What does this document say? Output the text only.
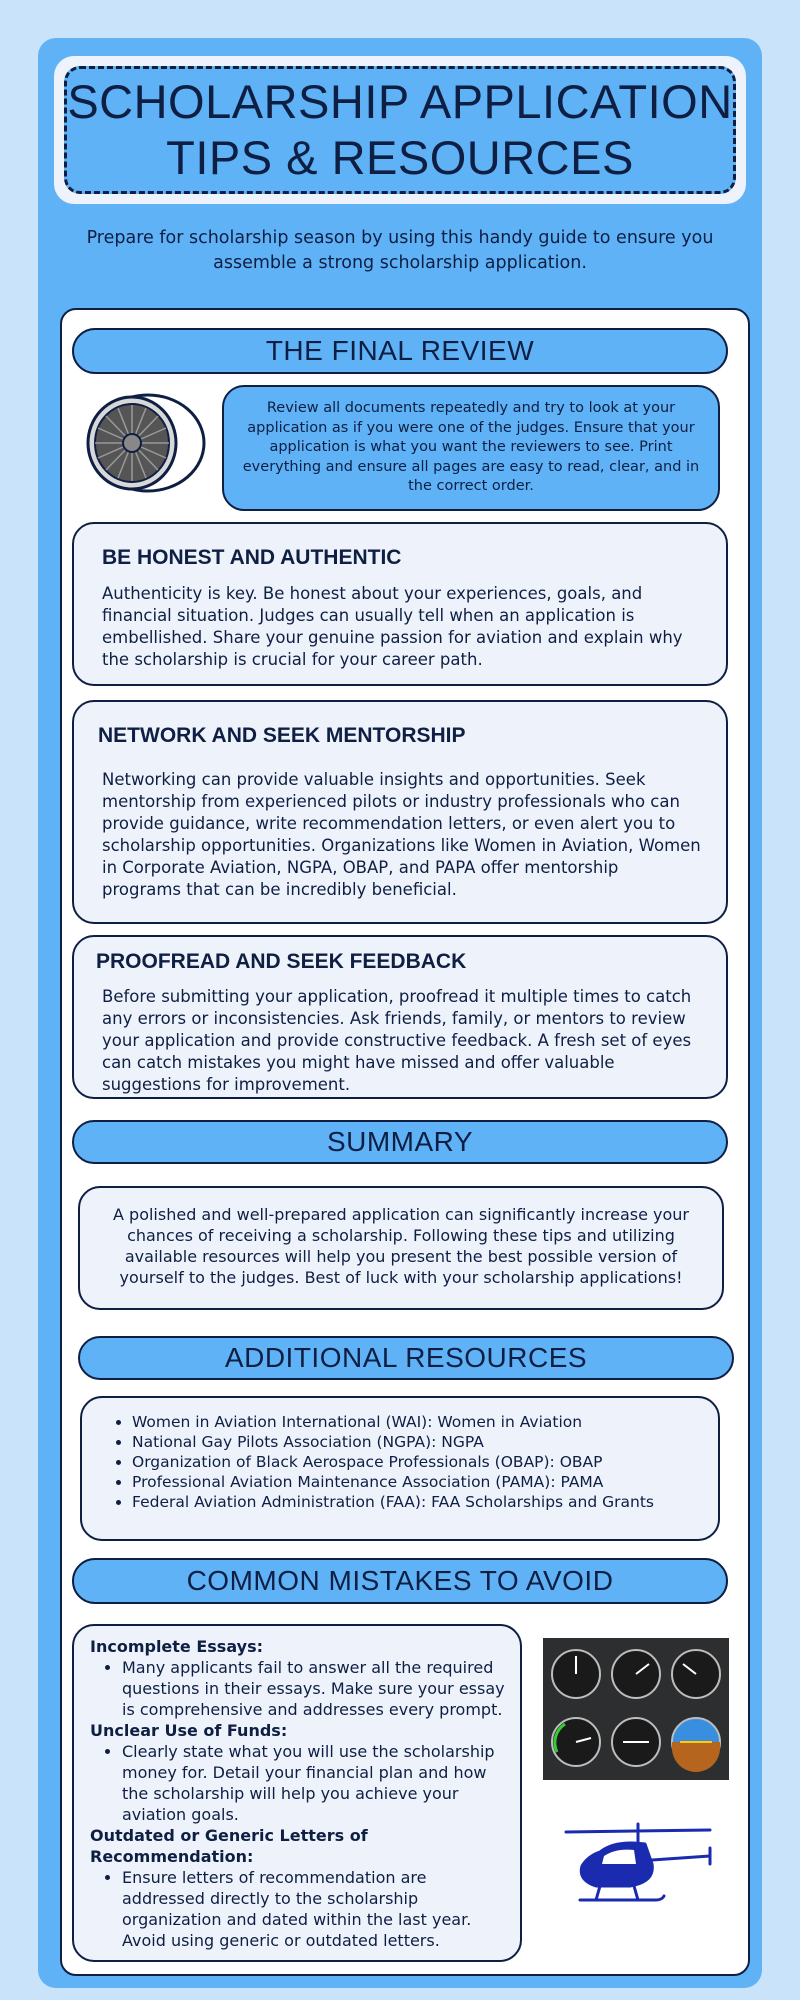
SCHOLARSHIP APPLICATION
TIPS & RESOURCES

Prepare for scholarship season by using this handy guide to ensure you assemble a strong scholarship application.

THE FINAL REVIEW

Review all documents repeatedly and try to look at your application as if you were one of the judges. Ensure that your application is what you want the reviewers to see. Print everything and ensure all pages are easy to read, clear, and in the correct order.

BE HONEST AND AUTHENTIC

Authenticity is key. Be honest about your experiences, goals, and financial situation. Judges can usually tell when an application is embellished. Share your genuine passion for aviation and explain why the scholarship is crucial for your career path.

NETWORK AND SEEK MENTORSHIP

Networking can provide valuable insights and opportunities. Seek mentorship from experienced pilots or industry professionals who can provide guidance, write recommendation letters, or even alert you to scholarship opportunities. Organizations like Women in Aviation, Women in Corporate Aviation, NGPA, OBAP, and PAPA offer mentorship programs that can be incredibly beneficial.

PROOFREAD AND SEEK FEEDBACK

Before submitting your application, proofread it multiple times to catch any errors or inconsistencies. Ask friends, family, or mentors to review your application and provide constructive feedback. A fresh set of eyes can catch mistakes you might have missed and offer valuable suggestions for improvement.

SUMMARY

A polished and well-prepared application can significantly increase your chances of receiving a scholarship. Following these tips and utilizing available resources will help you present the best possible version of yourself to the judges. Best of luck with your scholarship applications!

ADDITIONAL RESOURCES
• Women in Aviation International (WAI): Women in Aviation
• National Gay Pilots Association (NGPA): NGPA
• Organization of Black Aerospace Professionals (OBAP): OBAP
• Professional Aviation Maintenance Association (PAMA): PAMA
• Federal Aviation Administration (FAA): FAA Scholarships and Grants
COMMON MISTAKES TO AVOID
Incomplete Essays:
• Many applicants fail to answer all the required questions in their essays. Make sure your essay is comprehensive and addresses every prompt.
Unclear Use of Funds:
• Clearly state what you will use the scholarship money for. Detail your financial plan and how the scholarship will help you achieve your aviation goals.
Outdated or Generic Letters of Recommendation:
• Ensure letters of recommendation are addressed directly to the scholarship organization and dated within the last year. Avoid using generic or outdated letters.
